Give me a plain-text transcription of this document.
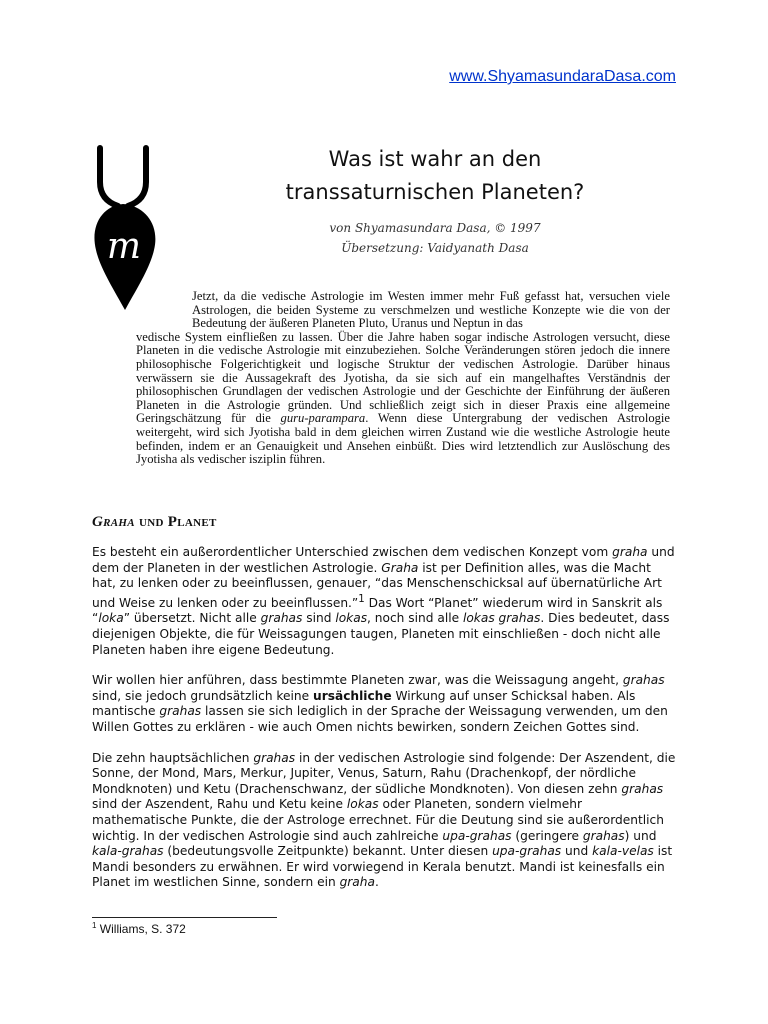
www.ShyamasundaraDasa.com
m
Was ist wahr an den
transsaturnischen Planeten?
von Shyamasundara Dasa, © 1997
Übersetzung: Vaidyanath Dasa

Jetzt, da die vedische Astrologie im Westen immer mehr Fuß gefasst hat, versuchen viele Astrologen, die beiden Systeme zu verschmelzen und westliche Konzepte wie die von der Bedeutung der äußeren Planeten Pluto, Uranus und Neptun in das

vedische System einfließen zu lassen. Über die Jahre haben sogar indische Astrologen versucht, diese Planeten in die vedische Astrologie mit einzubeziehen. Solche Veränderungen stören jedoch die innere philosophische Folgerichtigkeit und logische Struktur der vedischen Astrologie. Darüber hinaus verwässern sie die Aussagekraft des Jyotisha, da sie sich auf ein mangelhaftes Verständnis der philosophischen Grundlagen der vedischen Astrologie und der Geschichte der Einführung der äußeren Planeten in die Astrologie gründen. Und schließlich zeigt sich in dieser Praxis eine allgemeine Geringschätzung für die guru-parampara. Wenn diese Untergrabung der vedischen Astrologie weitergeht, wird sich Jyotisha bald in dem gleichen wirren Zustand wie die westliche Astrologie heute befinden, indem er an Genauigkeit und Ansehen einbüßt. Dies wird letztendlich zur Auslöschung des Jyotisha als vedischer isziplin führen.

Graha und Planet

Es besteht ein außerordentlicher Unterschied zwischen dem vedischen Konzept vom graha und dem der Planeten in der westlichen Astrologie. Graha ist per Definition alles, was die Macht hat, zu lenken oder zu beeinflussen, genauer, “das Menschenschicksal auf übernatürliche Art und Weise zu lenken oder zu beeinflussen.”$^1$ Das Wort “Planet” wiederum wird in Sanskrit als “loka” übersetzt. Nicht alle grahas sind lokas, noch sind alle lokas grahas. Dies bedeutet, dass diejenigen Objekte, die für Weissagungen taugen, Planeten mit einschließen - doch nicht alle Planeten haben ihre eigene Bedeutung.

Wir wollen hier anführen, dass bestimmte Planeten zwar, was die Weissagung angeht, grahas sind, sie jedoch grundsätzlich keine ursächliche Wirkung auf unser Schicksal haben. Als mantische grahas lassen sie sich lediglich in der Sprache der Weissagung verwenden, um den Willen Gottes zu erklären - wie auch Omen nichts bewirken, sondern Zeichen Gottes sind.

Die zehn hauptsächlichen grahas in der vedischen Astrologie sind folgende: Der Aszendent, die Sonne, der Mond, Mars, Merkur, Jupiter, Venus, Saturn, Rahu (Drachenkopf, der nördliche Mondknoten) und Ketu (Drachenschwanz, der südliche Mondknoten). Von diesen zehn grahas sind der Aszendent, Rahu und Ketu keine lokas oder Planeten, sondern vielmehr mathematische Punkte, die der Astrologe errechnet. Für die Deutung sind sie außerordentlich wichtig. In der vedischen Astrologie sind auch zahlreiche upa-grahas (geringere grahas) und kala-grahas (bedeutungsvolle Zeitpunkte) bekannt. Unter diesen upa-grahas und kala-velas ist Mandi besonders zu erwähnen. Er wird vorwiegend in Kerala benutzt. Mandi ist keinesfalls ein Planet im westlichen Sinne, sondern ein graha.

$^1$ Williams, S. 372
